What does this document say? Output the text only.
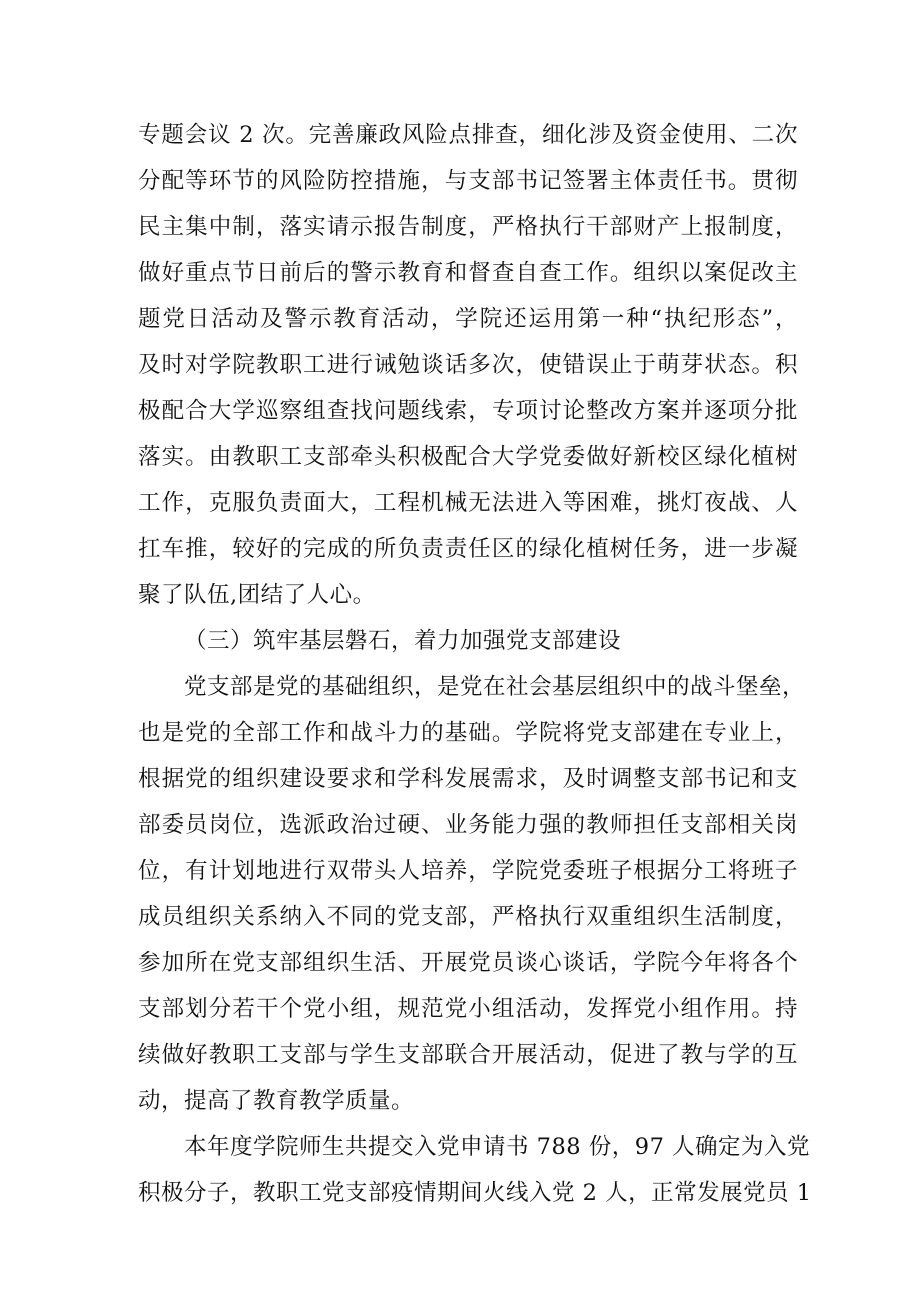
专题会议 2 次。完善廉政风险点排查，细化涉及资金使用、二次
分配等环节的风险防控措施，与支部书记签署主体责任书。贯彻
民主集中制，落实请示报告制度，严格执行干部财产上报制度，
做好重点节日前后的警示教育和督查自查工作。组织以案促改主
题党日活动及警示教育活动，学院还运用第一种“执纪形态”，
及时对学院教职工进行诫勉谈话多次，使错误止于萌芽状态。积
极配合大学巡察组查找问题线索，专项讨论整改方案并逐项分批
落实。由教职工支部牵头积极配合大学党委做好新校区绿化植树
工作，克服负责面大，工程机械无法进入等困难，挑灯夜战、人
扛车推，较好的完成的所负责责任区的绿化植树任务，进一步凝
聚了队伍,团结了人心。
（三）筑牢基层磐石，着力加强党支部建设
党支部是党的基础组织，是党在社会基层组织中的战斗堡垒，
也是党的全部工作和战斗力的基础。学院将党支部建在专业上，
根据党的组织建设要求和学科发展需求，及时调整支部书记和支
部委员岗位，选派政治过硬、业务能力强的教师担任支部相关岗
位，有计划地进行双带头人培养，学院党委班子根据分工将班子
成员组织关系纳入不同的党支部，严格执行双重组织生活制度，
参加所在党支部组织生活、开展党员谈心谈话，学院今年将各个
支部划分若干个党小组，规范党小组活动，发挥党小组作用。持
续做好教职工支部与学生支部联合开展活动，促进了教与学的互
动，提高了教育教学质量。
本年度学院师生共提交入党申请书 788 份，97 人确定为入党
积极分子，教职工党支部疫情期间火线入党 2 人，正常发展党员 1
